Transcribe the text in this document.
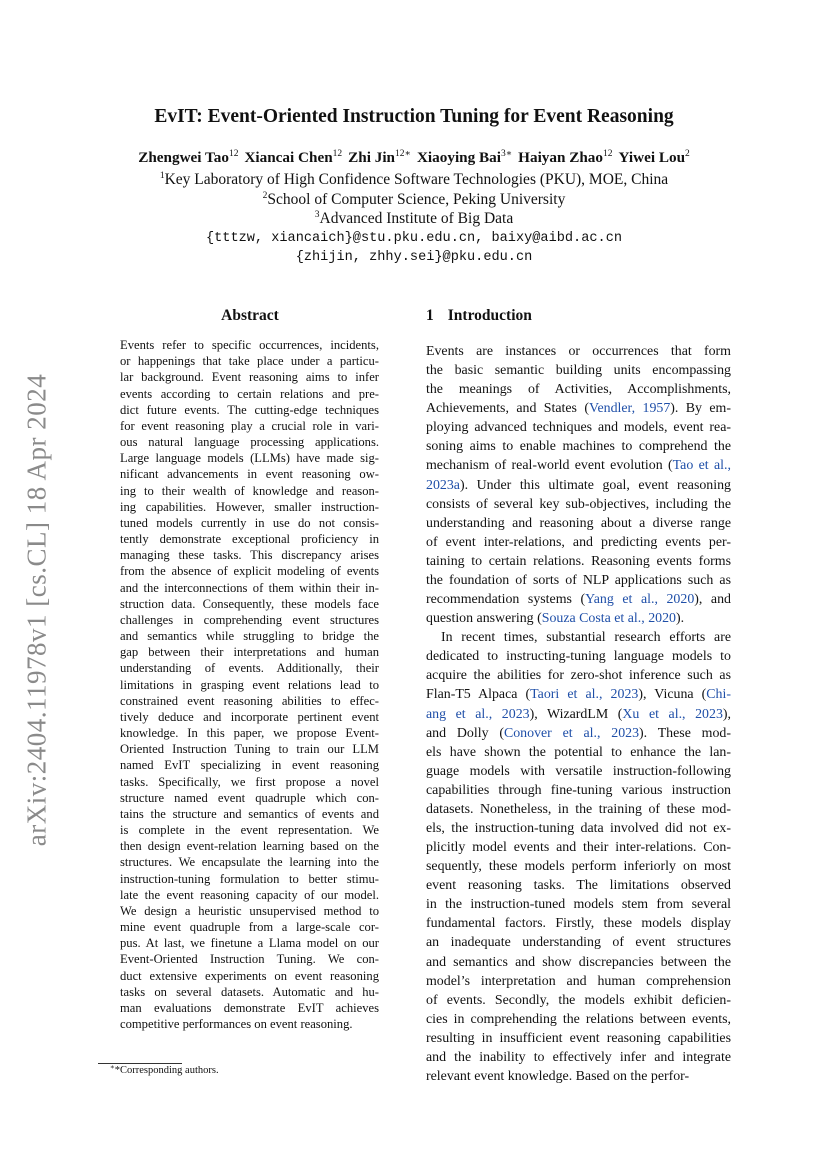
arXiv:2404.11978v1 [cs.CL] 18 Apr 2024
EvIT: Event-Oriented Instruction Tuning for Event Reasoning
Zhengwei Tao$^{12}$ Xiancai Chen$^{12}$ Zhi Jin$^{12∗}$ Xiaoying Bai$^{3∗}$ Haiyan Zhao$^{12}$ Yiwei Lou$^2$
$^1$Key Laboratory of High Confidence Software Technologies (PKU), MOE, China
$^2$School of Computer Science, Peking University
$^3$Advanced Institute of Big Data
{tttzw, xiancaich}@stu.pku.edu.cn, baixy@aibd.ac.cn
{zhijin, zhhy.sei}@pku.edu.cn
Abstract	1 Introduction
Events refer to specific occurrences, incidents,
or happenings that take place under a particu-
lar background. Event reasoning aims to infer
events according to certain relations and pre-
dict future events. The cutting-edge techniques
for event reasoning play a crucial role in vari-
ous natural language processing applications.
Large language models (LLMs) have made sig-
nificant advancements in event reasoning ow-
ing to their wealth of knowledge and reason-
ing capabilities. However, smaller instruction-
tuned models currently in use do not consis-
tently demonstrate exceptional proficiency in
managing these tasks. This discrepancy arises
from the absence of explicit modeling of events
and the interconnections of them within their in-
struction data. Consequently, these models face
challenges in comprehending event structures
and semantics while struggling to bridge the
gap between their interpretations and human
understanding of events. Additionally, their
limitations in grasping event relations lead to
constrained event reasoning abilities to effec-
tively deduce and incorporate pertinent event
knowledge. In this paper, we propose Event-
Oriented Instruction Tuning to train our LLM
named EvIT specializing in event reasoning
tasks. Specifically, we first propose a novel
structure named event quadruple which con-
tains the structure and semantics of events and
is complete in the event representation. We
then design event-relation learning based on the
structures. We encapsulate the learning into the
instruction-tuning formulation to better stimu-
late the event reasoning capacity of our model.
We design a heuristic unsupervised method to
mine event quadruple from a large-scale cor-
pus. At last, we finetune a Llama model on our
Event-Oriented Instruction Tuning. We con-
duct extensive experiments on event reasoning
tasks on several datasets. Automatic and hu-
man evaluations demonstrate EvIT achieves
competitive performances on event reasoning.
Events are instances or occurrences that form
the basic semantic building units encompassing
the meanings of Activities, Accomplishments,
Achievements, and States (Vendler, 1957). By em-
ploying advanced techniques and models, event rea-
soning aims to enable machines to comprehend the
mechanism of real-world event evolution (Tao et al.,
2023a). Under this ultimate goal, event reasoning
consists of several key sub-objectives, including the
understanding and reasoning about a diverse range
of event inter-relations, and predicting events per-
taining to certain relations. Reasoning events forms
the foundation of sorts of NLP applications such as
recommendation systems (Yang et al., 2020), and
question answering (Souza Costa et al., 2020).
In recent times, substantial research efforts are
dedicated to instructing-tuning language models to
acquire the abilities for zero-shot inference such as
Flan-T5 Alpaca (Taori et al., 2023), Vicuna (Chi-
ang et al., 2023), WizardLM (Xu et al., 2023),
and Dolly (Conover et al., 2023). These mod-
els have shown the potential to enhance the lan-
guage models with versatile instruction-following
capabilities through fine-tuning various instruction
datasets. Nonetheless, in the training of these mod-
els, the instruction-tuning data involved did not ex-
plicitly model events and their inter-relations. Con-
sequently, these models perform inferiorly on most
event reasoning tasks. The limitations observed
in the instruction-tuned models stem from several
fundamental factors. Firstly, these models display
an inadequate understanding of event structures
and semantics and show discrepancies between the
model’s interpretation and human comprehension
of events. Secondly, the models exhibit deficien-
cies in comprehending the relations between events,
resulting in insufficient event reasoning capabilities
and the inability to effectively infer and integrate
relevant event knowledge. Based on the perfor-
∗*Corresponding authors.
